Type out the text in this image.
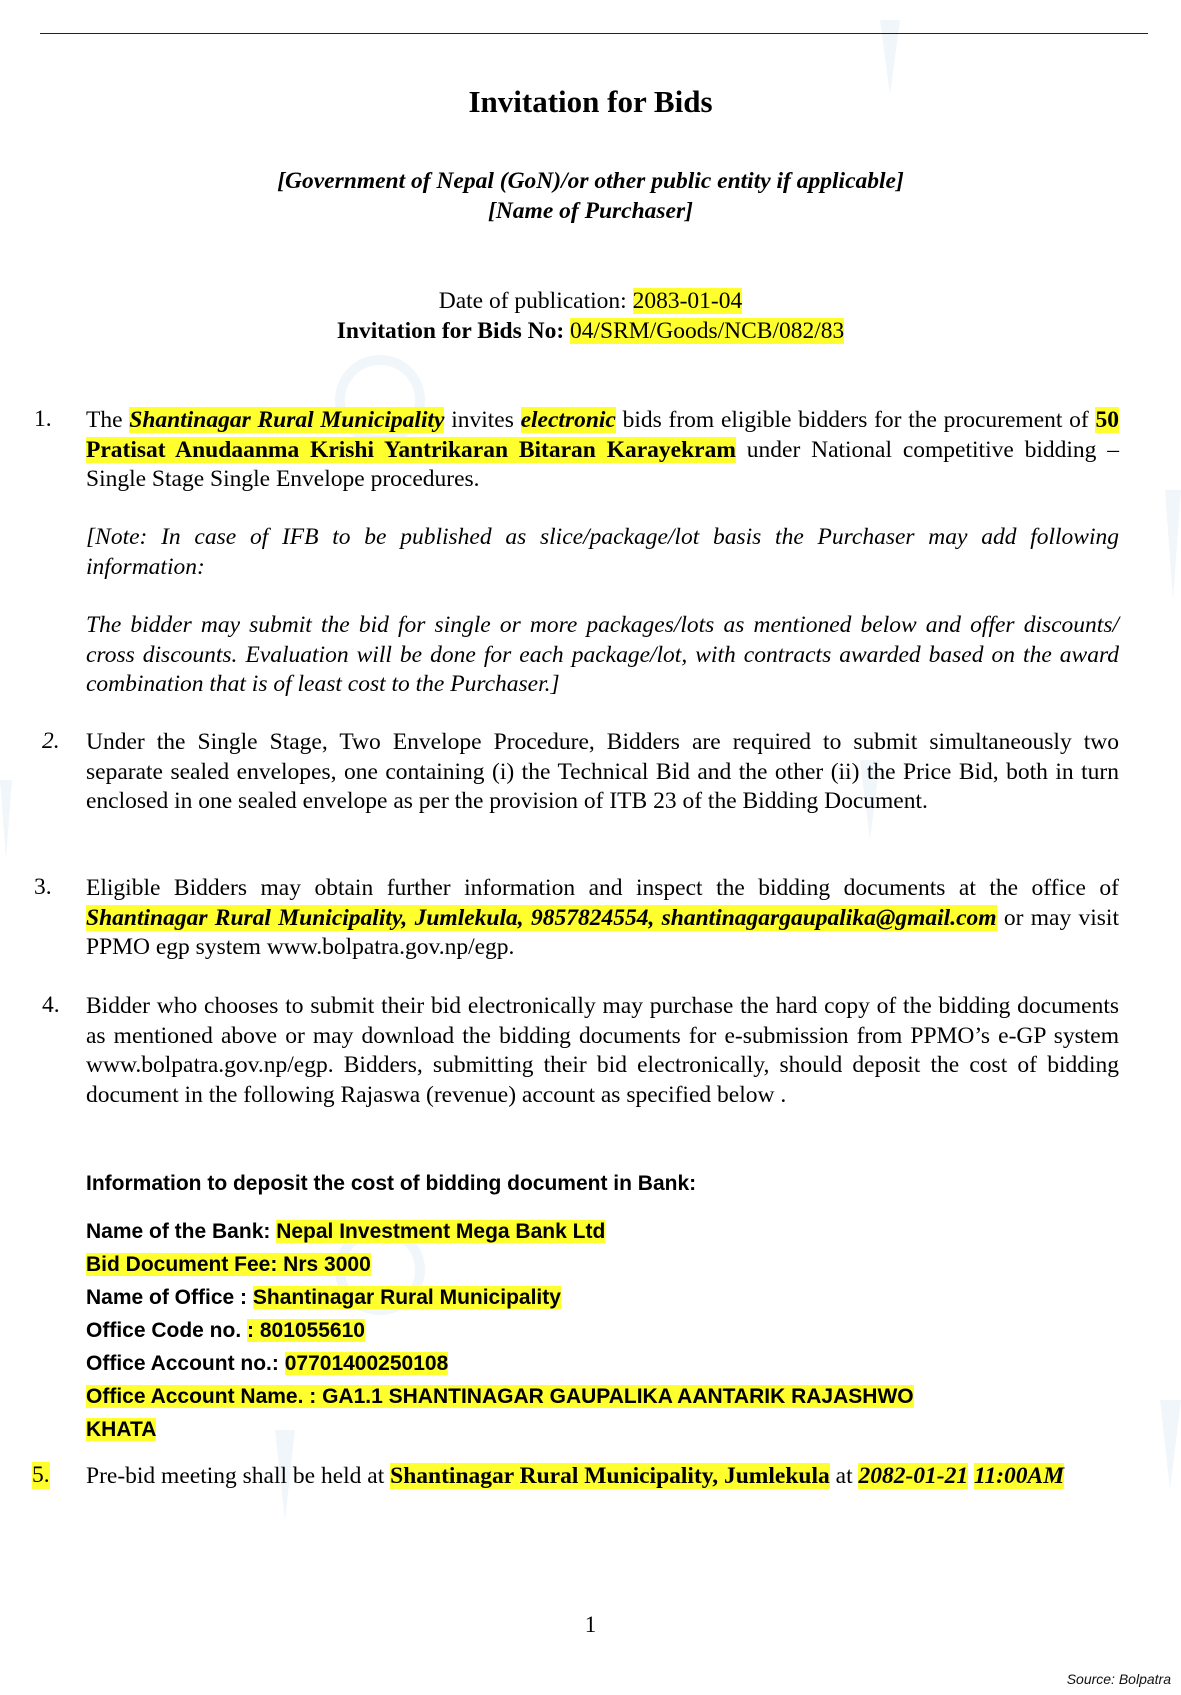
Invitation for Bids
[Government of Nepal (GoN)/or other public entity if applicable]
[Name of Purchaser]
Date of publication: 2083-01-04
Invitation for Bids No: 04/SRM/Goods/NCB/082/83
1. The Shantinagar Rural Municipality invites electronic bids from eligible bidders for the procurement of 50 Pratisat Anudaanma Krishi Yantrikaran Bitaran Karayekram under National competitive bidding – Single Stage Single Envelope procedures.
[Note: In case of IFB to be published as slice/package/lot basis the Purchaser may add following information:
The bidder may submit the bid for single or more packages/lots as mentioned below and offer discounts/ cross discounts. Evaluation will be done for each package/lot, with contracts awarded based on the award combination that is of least cost to the Purchaser.]
2. Under the Single Stage, Two Envelope Procedure, Bidders are required to submit simultaneously two separate sealed envelopes, one containing (i) the Technical Bid and the other (ii) the Price Bid, both in turn enclosed in one sealed envelope as per the provision of ITB 23 of the Bidding Document.
3. Eligible Bidders may obtain further information and inspect the bidding documents at the office of Shantinagar Rural Municipality, Jumlekula, 9857824554, shantinagargaupalika@gmail.com or may visit PPMO egp system www.bolpatra.gov.np/egp.
4. Bidder who chooses to submit their bid electronically may purchase the hard copy of the bidding documents as mentioned above or may download the bidding documents for e-submission from PPMO’s e-GP system www.bolpatra.gov.np/egp. Bidders, submitting their bid electronically, should deposit the cost of bidding document in the following Rajaswa (revenue) account as specified below .
Information to deposit the cost of bidding document in Bank:
Name of the Bank: Nepal Investment Mega Bank Ltd
Bid Document Fee: Nrs 3000
Name of Office : Shantinagar Rural Municipality
Office Code no. : 801055610
Office Account no.: 07701400250108
Office Account Name. : GA1.1 SHANTINAGAR GAUPALIKA AANTARIK RAJASHWO
KHATA
5. Pre-bid meeting shall be held at Shantinagar Rural Municipality, Jumlekula at 2082-01-21 11:00AM
1
Source: Bolpatra
